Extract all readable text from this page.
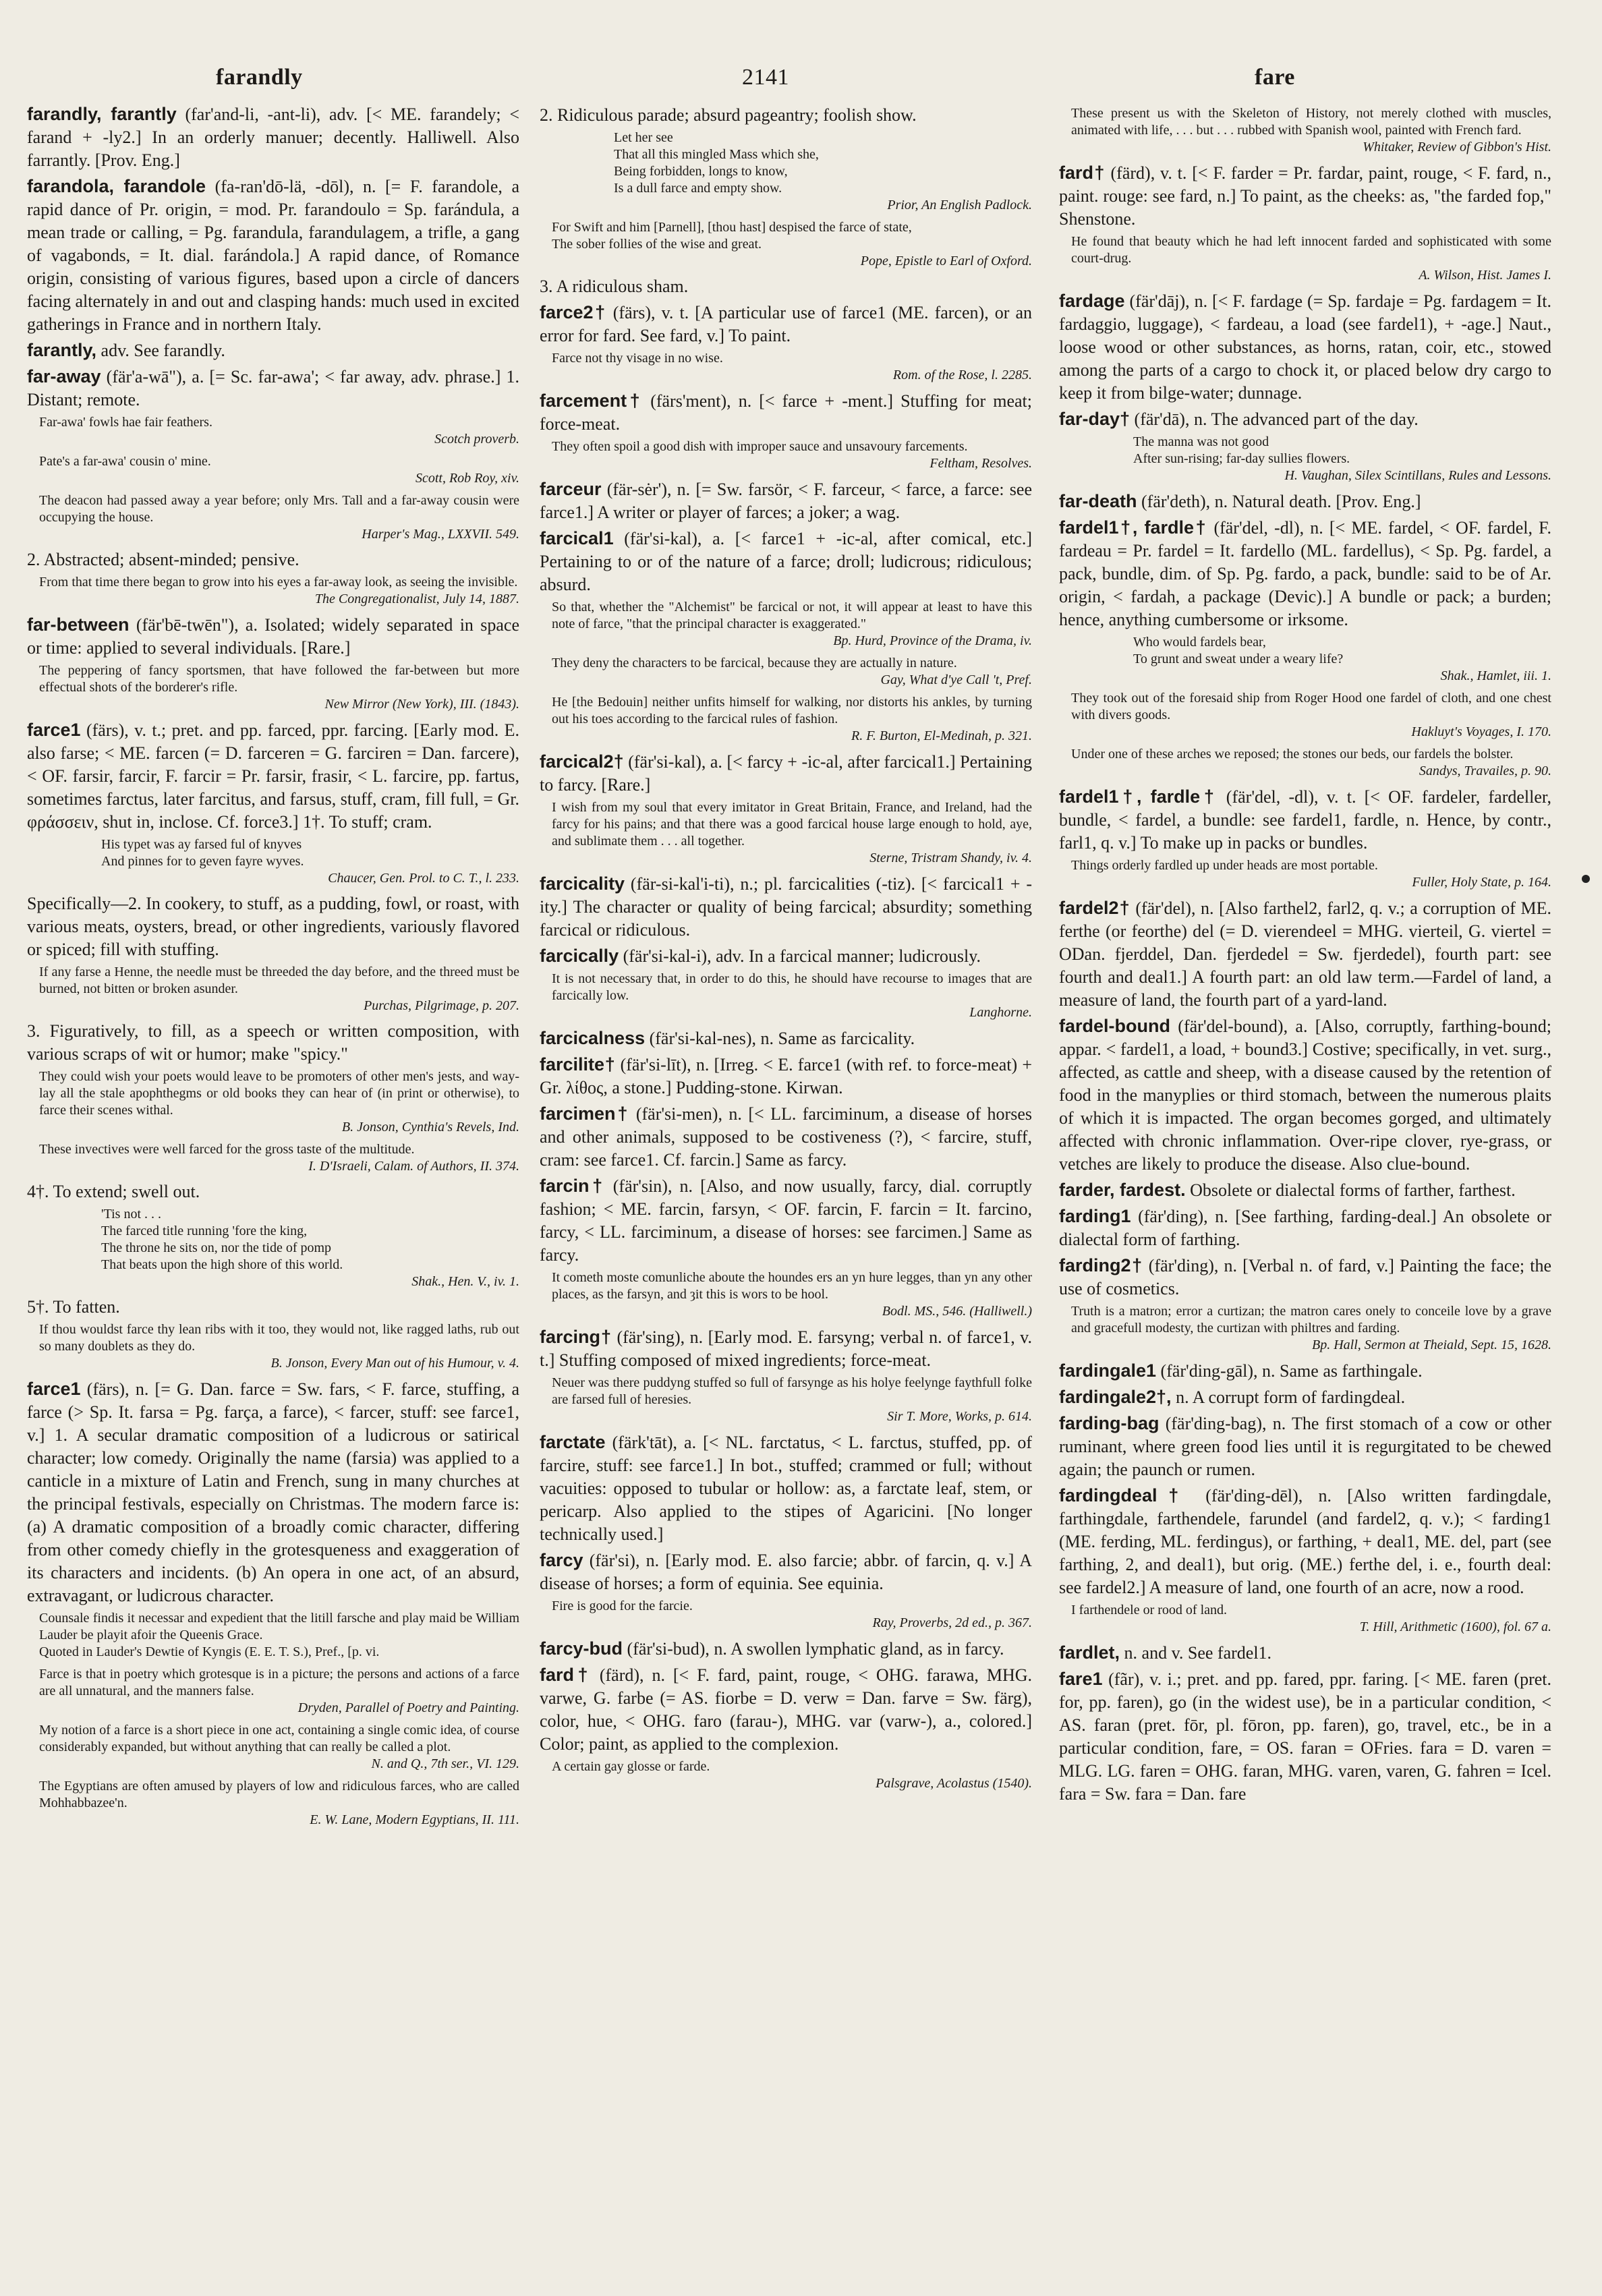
farandly	2141	fare

farandly, farantly (far'and-li, -ant-li), adv. [< ME. farandely; < farand + -ly2.] In an orderly manuer; decently. Halliwell. Also farrantly. [Prov. Eng.]

farandola, farandole (fa-ran'dō-lä, -dōl), n. [= F. farandole, a rapid dance of Pr. origin, = mod. Pr. farandoulo = Sp. farándula, a mean trade or calling, = Pg. farandula, farandulagem, a trifle, a gang of vagabonds, = It. dial. farándola.] A rapid dance, of Romance origin, consisting of various figures, based upon a circle of dancers facing alternately in and out and clasping hands: much used in excited gatherings in France and in northern Italy.

farantly, adv. See farandly.

far-away (fär'a-wā"), a. [= Sc. far-awa'; < far away, adv. phrase.] 1. Distant; remote.

Far-awa' fowls hae fair feathers.
Scotch proverb.
Pate's a far-awa' cousin o' mine.
Scott, Rob Roy, xiv.
The deacon had passed away a year before; only Mrs. Tall and a far-away cousin were occupying the house.
Harper's Mag., LXXVII. 549.

2. Abstracted; absent-minded; pensive.

From that time there began to grow into his eyes a far-away look, as seeing the invisible.
The Congregationalist, July 14, 1887.

far-between (fär'bē-twēn"), a. Isolated; widely separated in space or time: applied to several individuals. [Rare.]

The peppering of fancy sportsmen, that have followed the far-between but more effectual shots of the borderer's rifle.
New Mirror (New York), III. (1843).

farce1 (färs), v. t.; pret. and pp. farced, ppr. farcing. [Early mod. E. also farse; < ME. farcen (= D. farceren = G. farciren = Dan. farcere), < OF. farsir, farcir, F. farcir = Pr. farsir, frasir, < L. farcire, pp. fartus, sometimes farctus, later farcitus, and farsus, stuff, cram, fill full, = Gr. φράσσειν, shut in, inclose. Cf. force3.] 1†. To stuff; cram.

His typet was ay farsed ful of knyves
And pinnes for to geven fayre wyves.
Chaucer, Gen. Prol. to C. T., l. 233.

Specifically—2. In cookery, to stuff, as a pudding, fowl, or roast, with various meats, oysters, bread, or other ingredients, variously flavored or spiced; fill with stuffing.

If any farse a Henne, the needle must be threeded the day before, and the threed must be burned, not bitten or broken asunder.
Purchas, Pilgrimage, p. 207.

3. Figuratively, to fill, as a speech or written composition, with various scraps of wit or humor; make "spicy."

They could wish your poets would leave to be promoters of other men's jests, and way-lay all the stale apophthegms or old books they can hear of (in print or otherwise), to farce their scenes withal.
B. Jonson, Cynthia's Revels, Ind.
These invectives were well farced for the gross taste of the multitude.
I. D'Israeli, Calam. of Authors, II. 374.

4†. To extend; swell out.

'Tis not . . .
The farced title running 'fore the king,
The throne he sits on, nor the tide of pomp
That beats upon the high shore of this world.
Shak., Hen. V., iv. 1.

5†. To fatten.

If thou wouldst farce thy lean ribs with it too, they would not, like ragged laths, rub out so many doublets as they do.
B. Jonson, Every Man out of his Humour, v. 4.

farce1 (färs), n. [= G. Dan. farce = Sw. fars, < F. farce, stuffing, a farce (> Sp. It. farsa = Pg. farça, a farce), < farcer, stuff: see farce1, v.] 1. A secular dramatic composition of a ludicrous or satirical character; low comedy. Originally the name (farsia) was applied to a canticle in a mixture of Latin and French, sung in many churches at the principal festivals, especially on Christmas. The modern farce is: (a) A dramatic composition of a broadly comic character, differing from other comedy chiefly in the grotesqueness and exaggeration of its characters and incidents. (b) An opera in one act, of an absurd, extravagant, or ludicrous character.

Counsale findis it necessar and expedient that the litill farsche and play maid be William Lauder be playit afoir the Queenis Grace.
Quoted in Lauder's Dewtie of Kyngis (E. E. T. S.), Pref., [p. vi.
Farce is that in poetry which grotesque is in a picture; the persons and actions of a farce are all unnatural, and the manners false.
Dryden, Parallel of Poetry and Painting.
My notion of a farce is a short piece in one act, containing a single comic idea, of course considerably expanded, but without anything that can really be called a plot.
N. and Q., 7th ser., VI. 129.
The Egyptians are often amused by players of low and ridiculous farces, who are called Mohhabbazee'n.
E. W. Lane, Modern Egyptians, II. 111.

2. Ridiculous parade; absurd pageantry; foolish show.

Let her see
That all this mingled Mass which she,
Being forbidden, longs to know,
Is a dull farce and empty show.
Prior, An English Padlock.
For Swift and him [Parnell], [thou hast] despised the farce of state,
The sober follies of the wise and great.
Pope, Epistle to Earl of Oxford.

3. A ridiculous sham.

farce2† (färs), v. t. [A particular use of farce1 (ME. farcen), or an error for fard. See fard, v.] To paint.

Farce not thy visage in no wise.
Rom. of the Rose, l. 2285.

farcement† (färs'ment), n. [< farce + -ment.] Stuffing for meat; force-meat.

They often spoil a good dish with improper sauce and unsavoury farcements.
Feltham, Resolves.

farceur (fär-sėr'), n. [= Sw. farsör, < F. farceur, < farce, a farce: see farce1.] A writer or player of farces; a joker; a wag.

farcical1 (fär'si-kal), a. [< farce1 + -ic-al, after comical, etc.] Pertaining to or of the nature of a farce; droll; ludicrous; ridiculous; absurd.

So that, whether the "Alchemist" be farcical or not, it will appear at least to have this note of farce, "that the principal character is exaggerated."
Bp. Hurd, Province of the Drama, iv.
They deny the characters to be farcical, because they are actually in nature.
Gay, What d'ye Call 't, Pref.
He [the Bedouin] neither unfits himself for walking, nor distorts his ankles, by turning out his toes according to the farcical rules of fashion.
R. F. Burton, El-Medinah, p. 321.

farcical2† (fär'si-kal), a. [< farcy + -ic-al, after farcical1.] Pertaining to farcy. [Rare.]

I wish from my soul that every imitator in Great Britain, France, and Ireland, had the farcy for his pains; and that there was a good farcical house large enough to hold, aye, and sublimate them . . . all together.
Sterne, Tristram Shandy, iv. 4.

farcicality (fär-si-kal'i-ti), n.; pl. farcicalities (-tiz). [< farcical1 + -ity.] The character or quality of being farcical; absurdity; something farcical or ridiculous.

farcically (fär'si-kal-i), adv. In a farcical manner; ludicrously.

It is not necessary that, in order to do this, he should have recourse to images that are farcically low.
Langhorne.

farcicalness (fär'si-kal-nes), n. Same as farcicality.

farcilite† (fär'si-līt), n. [Irreg. < E. farce1 (with ref. to force-meat) + Gr. λίθος, a stone.] Pudding-stone. Kirwan.

farcimen† (fär'si-men), n. [< LL. farciminum, a disease of horses and other animals, supposed to be costiveness (?), < farcire, stuff, cram: see farce1. Cf. farcin.] Same as farcy.

farcin† (fär'sin), n. [Also, and now usually, farcy, dial. corruptly fashion; < ME. farcin, farsyn, < OF. farcin, F. farcin = It. farcino, farcy, < LL. farciminum, a disease of horses: see farcimen.] Same as farcy.

It cometh moste comunliche aboute the houndes ers an yn hure legges, than yn any other places, as the farsyn, and ȝit this is wors to be hool.
Bodl. MS., 546. (Halliwell.)

farcing† (fär'sing), n. [Early mod. E. farsyng; verbal n. of farce1, v. t.] Stuffing composed of mixed ingredients; force-meat.

Neuer was there puddyng stuffed so full of farsynge as his holye feelynge faythfull folke are farsed full of heresies.
Sir T. More, Works, p. 614.

farctate (färk'tāt), a. [< NL. farctatus, < L. farctus, stuffed, pp. of farcire, stuff: see farce1.] In bot., stuffed; crammed or full; without vacuities: opposed to tubular or hollow: as, a farctate leaf, stem, or pericarp. Also applied to the stipes of Agaricini. [No longer technically used.]

farcy (fär'si), n. [Early mod. E. also farcie; abbr. of farcin, q. v.] A disease of horses; a form of equinia. See equinia.

Fire is good for the farcie.
Ray, Proverbs, 2d ed., p. 367.

farcy-bud (fär'si-bud), n. A swollen lymphatic gland, as in farcy.

fard† (färd), n. [< F. fard, paint, rouge, < OHG. farawa, MHG. varwe, G. farbe (= AS. fiorbe = D. verw = Dan. farve = Sw. färg), color, hue, < OHG. faro (farau-), MHG. var (varw-), a., colored.] Color; paint, as applied to the complexion.

A certain gay glosse or farde.
Palsgrave, Acolastus (1540).
These present us with the Skeleton of History, not merely clothed with muscles, animated with life, . . . but . . . rubbed with Spanish wool, painted with French fard.
Whitaker, Review of Gibbon's Hist.

fard† (färd), v. t. [< F. farder = Pr. fardar, paint, rouge, < F. fard, n., paint. rouge: see fard, n.] To paint, as the cheeks: as, "the farded fop," Shenstone.

He found that beauty which he had left innocent farded and sophisticated with some court-drug.
A. Wilson, Hist. James I.

fardage (fär'dāj), n. [< F. fardage (= Sp. fardaje = Pg. fardagem = It. fardaggio, luggage), < fardeau, a load (see fardel1), + -age.] Naut., loose wood or other substances, as horns, ratan, coir, etc., stowed among the parts of a cargo to chock it, or placed below dry cargo to keep it from bilge-water; dunnage.

far-day† (fär'dā), n. The advanced part of the day.

The manna was not good
After sun-rising; far-day sullies flowers.
H. Vaughan, Silex Scintillans, Rules and Lessons.

far-death (fär'deth), n. Natural death. [Prov. Eng.]

fardel1†, fardle† (fär'del, -dl), n. [< ME. fardel, < OF. fardel, F. fardeau = Pr. fardel = It. fardello (ML. fardellus), < Sp. Pg. fardel, a pack, bundle, dim. of Sp. Pg. fardo, a pack, bundle: said to be of Ar. origin, < fardah, a package (Devic).] A bundle or pack; a burden; hence, anything cumbersome or irksome.

Who would fardels bear,
To grunt and sweat under a weary life?
Shak., Hamlet, iii. 1.
They took out of the foresaid ship from Roger Hood one fardel of cloth, and one chest with divers goods.
Hakluyt's Voyages, I. 170.
Under one of these arches we reposed; the stones our beds, our fardels the bolster.
Sandys, Travailes, p. 90.

fardel1†, fardle† (fär'del, -dl), v. t. [< OF. fardeler, fardeller, bundle, < fardel, a bundle: see fardel1, fardle, n. Hence, by contr., farl1, q. v.] To make up in packs or bundles.

Things orderly fardled up under heads are most portable.
Fuller, Holy State, p. 164.

fardel2† (fär'del), n. [Also farthel2, farl2, q. v.; a corruption of ME. ferthe (or feorthe) del (= D. vierendeel = MHG. vierteil, G. viertel = ODan. fjerddel, Dan. fjerdedel = Sw. fjerdedel), fourth part: see fourth and deal1.] A fourth part: an old law term.—Fardel of land, a measure of land, the fourth part of a yard-land.

fardel-bound (fär'del-bound), a. [Also, corruptly, farthing-bound; appar. < fardel1, a load, + bound3.] Costive; specifically, in vet. surg., affected, as cattle and sheep, with a disease caused by the retention of food in the manyplies or third stomach, between the numerous plaits of which it is impacted. The organ becomes gorged, and ultimately affected with chronic inflammation. Over-ripe clover, rye-grass, or vetches are likely to produce the disease. Also clue-bound.

farder, fardest. Obsolete or dialectal forms of farther, farthest.

farding1 (fär'ding), n. [See farthing, farding-deal.] An obsolete or dialectal form of farthing.

farding2† (fär'ding), n. [Verbal n. of fard, v.] Painting the face; the use of cosmetics.

Truth is a matron; error a curtizan; the matron cares onely to conceile love by a grave and gracefull modesty, the curtizan with philtres and farding.
Bp. Hall, Sermon at Theiald, Sept. 15, 1628.

fardingale1 (fär'ding-gāl), n. Same as farthingale.

fardingale2†, n. A corrupt form of fardingdeal.

farding-bag (fär'ding-bag), n. The first stomach of a cow or other ruminant, where green food lies until it is regurgitated to be chewed again; the paunch or rumen.

fardingdeal† (fär'ding-dēl), n. [Also written fardingdale, farthingdale, farthendele, farundel (and fardel2, q. v.); < farding1 (ME. ferding, ML. ferdingus), or farthing, + deal1, ME. del, part (see farthing, 2, and deal1), but orig. (ME.) ferthe del, i. e., fourth deal: see fardel2.] A measure of land, one fourth of an acre, now a rood.

I farthendele or rood of land.
T. Hill, Arithmetic (1600), fol. 67 a.

fardlet, n. and v. See fardel1.

fare1 (fãr), v. i.; pret. and pp. fared, ppr. faring. [< ME. faren (pret. for, pp. faren), go (in the widest use), be in a particular condition, < AS. faran (pret. fōr, pl. fōron, pp. faren), go, travel, etc., be in a particular condition, fare, = OS. faran = OFries. fara = D. varen = MLG. LG. faren = OHG. faran, MHG. varen, varen, G. fahren = Icel. fara = Sw. fara = Dan. fare
